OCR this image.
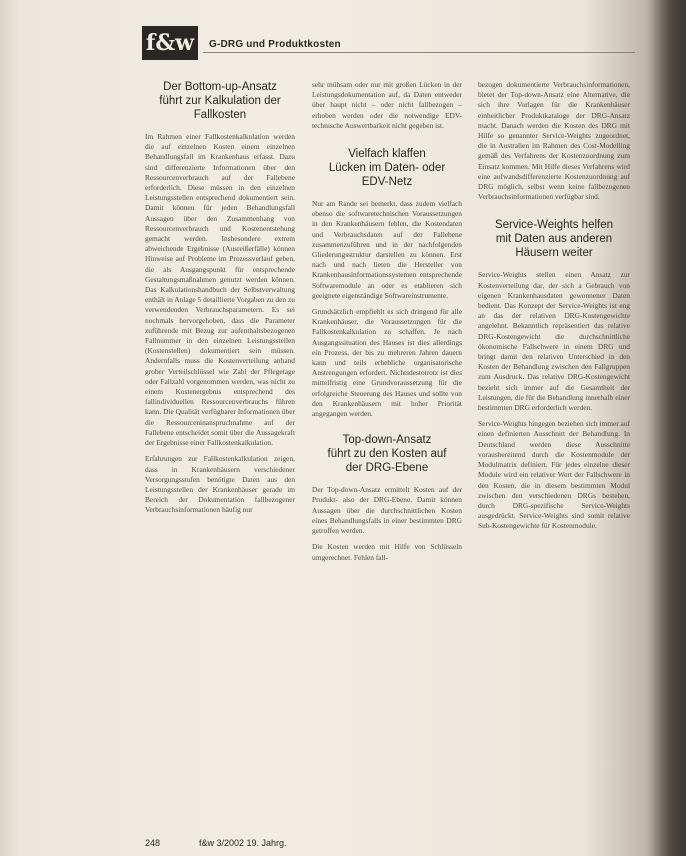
f&w	G-DRG und Produktkosten
Der Bottom-up-Ansatz
führt zur Kalkulation der
Fallkosten

Im Rahmen einer Fallkostenkalkulation werden die auf einzelnen Kosten einem einzelnen Behandlungsfall im Krankenhaus erfasst. Dazu sind differenzierte Informationen über den Ressourcenverbrauch auf der Fallebene erforderlich. Diese müssen in den einzelnen Leistungsstellen entsprechend dokumentiert sein. Damit können für jeden Behandlungsfall Aussagen über den Zusammenhang von Ressourcenverbrauch und Kostenentstehung gemacht werden. Insbesondere extrem abweichende Ergebnisse (Ausreißerfälle) können Hinweise auf Probleme im Prozessverlauf geben, die als Ausgangspunkt für entsprechende Gestaltungsmaßnahmen genutzt werden können. Das Kalkulationshandbuch der Selbstverwaltung enthält in Anlage 5 detaillierte Vorgaben zu den zu verwendenden Verbrauchsparametern. Es sei nochmals hervorgehoben, dass die Parameter zuführende mit Bezug zur aufenthaltsbezogenen Fallnummer in den einzelnen Leistungsstellen (Kostenstellen) dokumentiert sein müssen. Andernfalls muss die Kostenverteilung anhand grober Verteilschlüssel wie Zahl der Pflegetage oder Fallzahl vorgenommen werden, was nicht zu einem Kostenergebnis entsprechend des fallindividuellen Ressourcenverbrauchs führen kann. Die Qualität verfügbarer Informationen über die Ressourceninanspruchnahme auf der Fallebene entscheidet somit über die Aussagekraft der Ergebnisse einer Fallkostenkalkulation.

Erfahrungen zur Fallkostenkalkulation zeigen, dass in Krankenhäusern verschiedener Versorgungsstufen benötigte Daten aus den Leistungsstellen der Krankenhäuser gerade im Bereich der Dokumentation fallbezogener Verbrauchsinformationen häufig nur

sehr mühsam oder nur mit großen Lücken in der Leistungsdokumentation auf, da Daten entweder über haupt nicht – oder nicht fallbezogen – erhoben werden oder die notwendige EDV-technische Auswertbarkeit nicht gegeben ist.

Vielfach klaffen
Lücken im Daten- oder
EDV-Netz

Nur am Rande sei bemerkt, dass zudem vielfach ebenso die softwaretechnischen Voraussetzungen in den Krankenhäusern fehlen, die Kostendaten und Verbrauchsdaten auf der Fallebene zusammenzuführen und in der nachfolgenden Gliederungsstruktur darstellen zu können. Erst nach und nach lieten die Hersteller von Krankenhausinformationssystemen entsprechende Softwaremodule an oder es etablieren sich geeignete eigenständige Softwareinstrumente.

Grundsätzlich empfiehlt es sich dringend für alle Krankenhäuser, die Voraussetzungen für die Fallkostenkalkulation zu schaffen. Je nach Ausgangssituation des Hauses ist dies allerdings ein Prozess, der bis zu mehreren Jahren dauern kann und teils erhebliche organisatorische Anstrengungen erfordert. Nichtsdestotrotz ist dies mittelfristig eine Grundvoraussetzung für die erfolgreiche Steuerung des Hauses und sollte von den Krankenhäusern mit hoher Priorität angegangen werden.

Top-down-Ansatz
führt zu den Kosten auf
der DRG-Ebene

Der Top-down-Ansatz ermittelt Kosten auf der Produkt- also der DRG-Ebene. Damit können Aussagen über die durchschnittlichen Kosten eines Behandlungsfalls in einer bestimmten DRG getroffen werden.

Die Kosten werden mit Hilfe von Schlüsseln umgerechnet. Fehlen fall-

bezogen dokumentierte Verbrauchsinformationen, bietet der Top-down-Ansatz eine Alternative, die sich ihre Vorlagen für die Krankenhäuser einheitlicher Produktkataloge der DRG-Ansatz macht. Danach werden die Kosten des DRG mit Hilfe so genannter Service-Weights zugeordnet, die in Australien im Rahmen des Cost-Modelling gemäß des Verfahrens der Kostenzuordnung zum Einsatz kommen. Mit Hilfe dieses Verfahrens wird eine aufwandsdifferenzierte Kostenzuordnung auf DRG möglich, selbst wenn keine fallbezogenen Verbrauchsinformationen verfügbar sind.

Service-Weights helfen
mit Daten aus anderen
Häusern weiter

Service-Weights stellen einen Ansatz zur Kostenverteilung dar, der sich a Gebrauch von eigenen Krankenhausdaten gewonnener Daten bedient. Das Konzept der Service-Weights ist eng an das der relativen DRG-Kostengewichte angelehnt. Bekanntlich repräsentiert das relative DRG-Kostengewicht die durchschnittliche ökonomische Fallschwere in einem DRG und bringt damit den relativen Unterschied in den Kosten der Behandlung zwischen den Fallgruppen zum Ausdruck. Das relative DRG-Kostengewicht bezieht sich immer auf die Gesamtheit der Leistungen, die für die Behandlung innerhalb einer bestimmten DRG erforderlich werden.

Service-Weights hingegen beziehen sich immer auf einen definierten Ausschnitt der Behandlung. In Deutschland werden diese Ausschnitte vorausbereitend durch die Kostenmodule der Modulmatrix definiert. Für jedes einzelne dieser Module wird ein relativer Wert der Fallschwere in den Kosten, die in diesem bestimmten Modul zwischen den verschiedenen DRGs bestehen, durch DRG-spezifische Service-Weights ausgedrückt. Service-Weights sind somit relative Sub-Kostengewichte für Kostenmodule.

248	f&w 3/2002 19. Jahrg.
